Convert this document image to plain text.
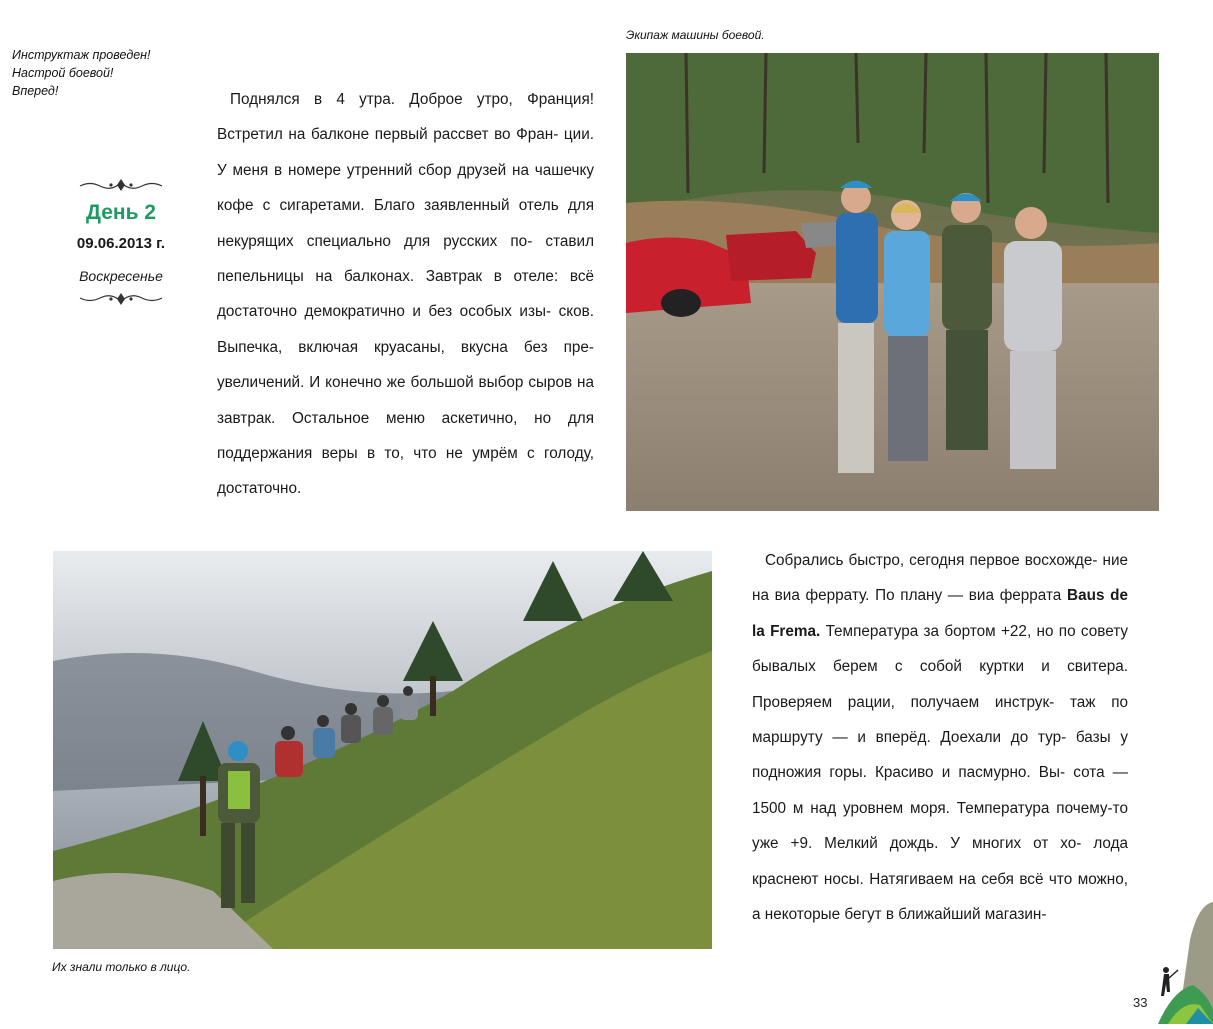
Инструктаж проведен!
Настрой боевой!
Вперед!
День 2
09.06.2013 г.
Воскресенье
Поднялся в 4 утра. Доброе утро, Франция! Встретил на балконе первый рассвет во Фран- ции. У меня в номере утренний сбор друзей на чашечку кофе с сигаретами. Благо заявленный отель для некурящих специально для русских по- ставил пепельницы на балконах. Завтрак в отеле: всё достаточно демократично и без особых изы- сков. Выпечка, включая круасаны, вкусна без пре- увеличений. И конечно же большой выбор сыров на завтрак. Остальное меню аскетично, но для поддержания веры в то, что не умрём с голоду, достаточно.
Экипаж машины боевой.
Собрались быстро, сегодня первое восхожде- ние на виа феррату. По плану — виа феррата Baus de la Frema. Температура за бортом +22, но по совету бывалых берем с собой куртки и свитера. Проверяем рации, получаем инструк- таж по маршруту — и вперёд. Доехали до тур- базы у подножия горы. Красиво и пасмурно. Вы- сота — 1500 м над уровнем моря. Температура почему-то уже +9. Мелкий дождь. У многих от хо- лода краснеют носы. Натягиваем на себя всё что можно, а некоторые бегут в ближайший магазин-
Их знали только в лицо.
33
